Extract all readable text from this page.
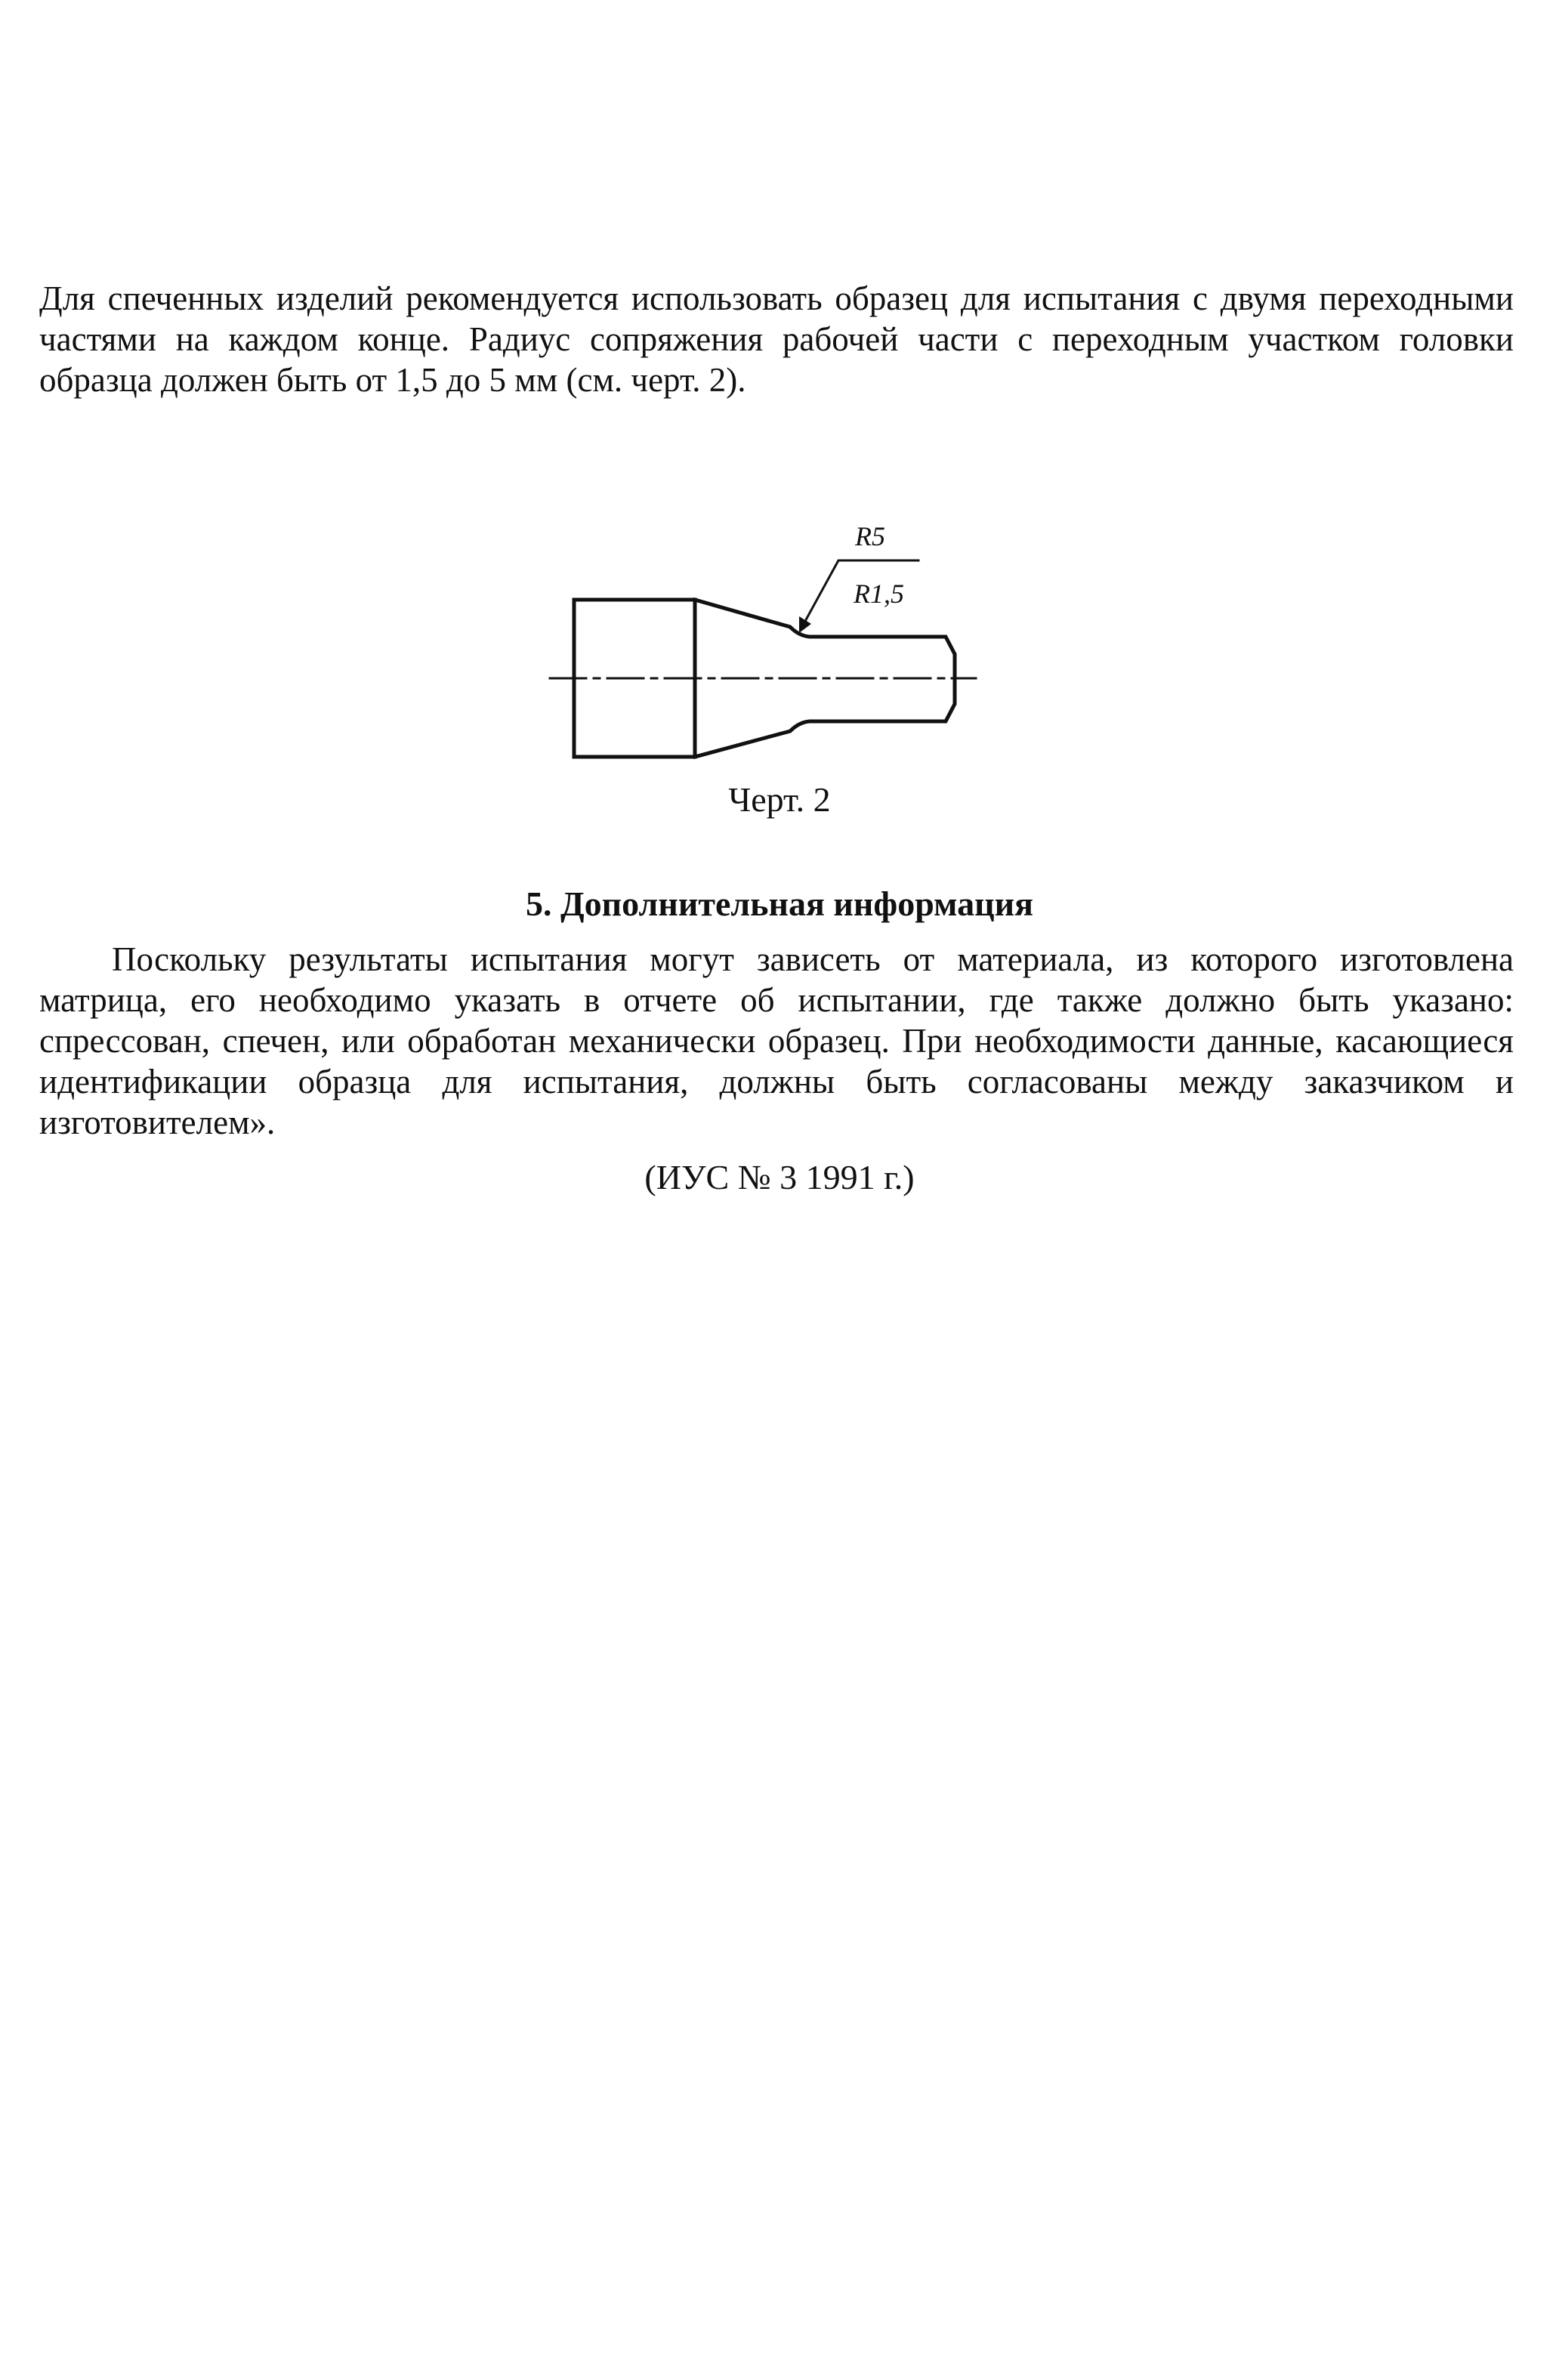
Для спеченных изделий рекомендуется использовать образец для испытания с двумя переходными частями на каждом конце. Радиус сопряжения рабочей части с переходным участком головки образца должен быть от 1,5 до 5 мм (см. черт. 2).

R5
R1,5

Черт. 2

5. Дополнительная информация

Поскольку результаты испытания могут зависеть от материала, из которого изготовлена матрица, его необходимо указать в отчете об испытании, где также должно быть указано: спрессован, спечен, или обработан механически образец. При необходимости данные, касающиеся идентификации образца для испытания, должны быть согласованы между заказчиком и изготовителем».

(ИУС № 3 1991 г.)
